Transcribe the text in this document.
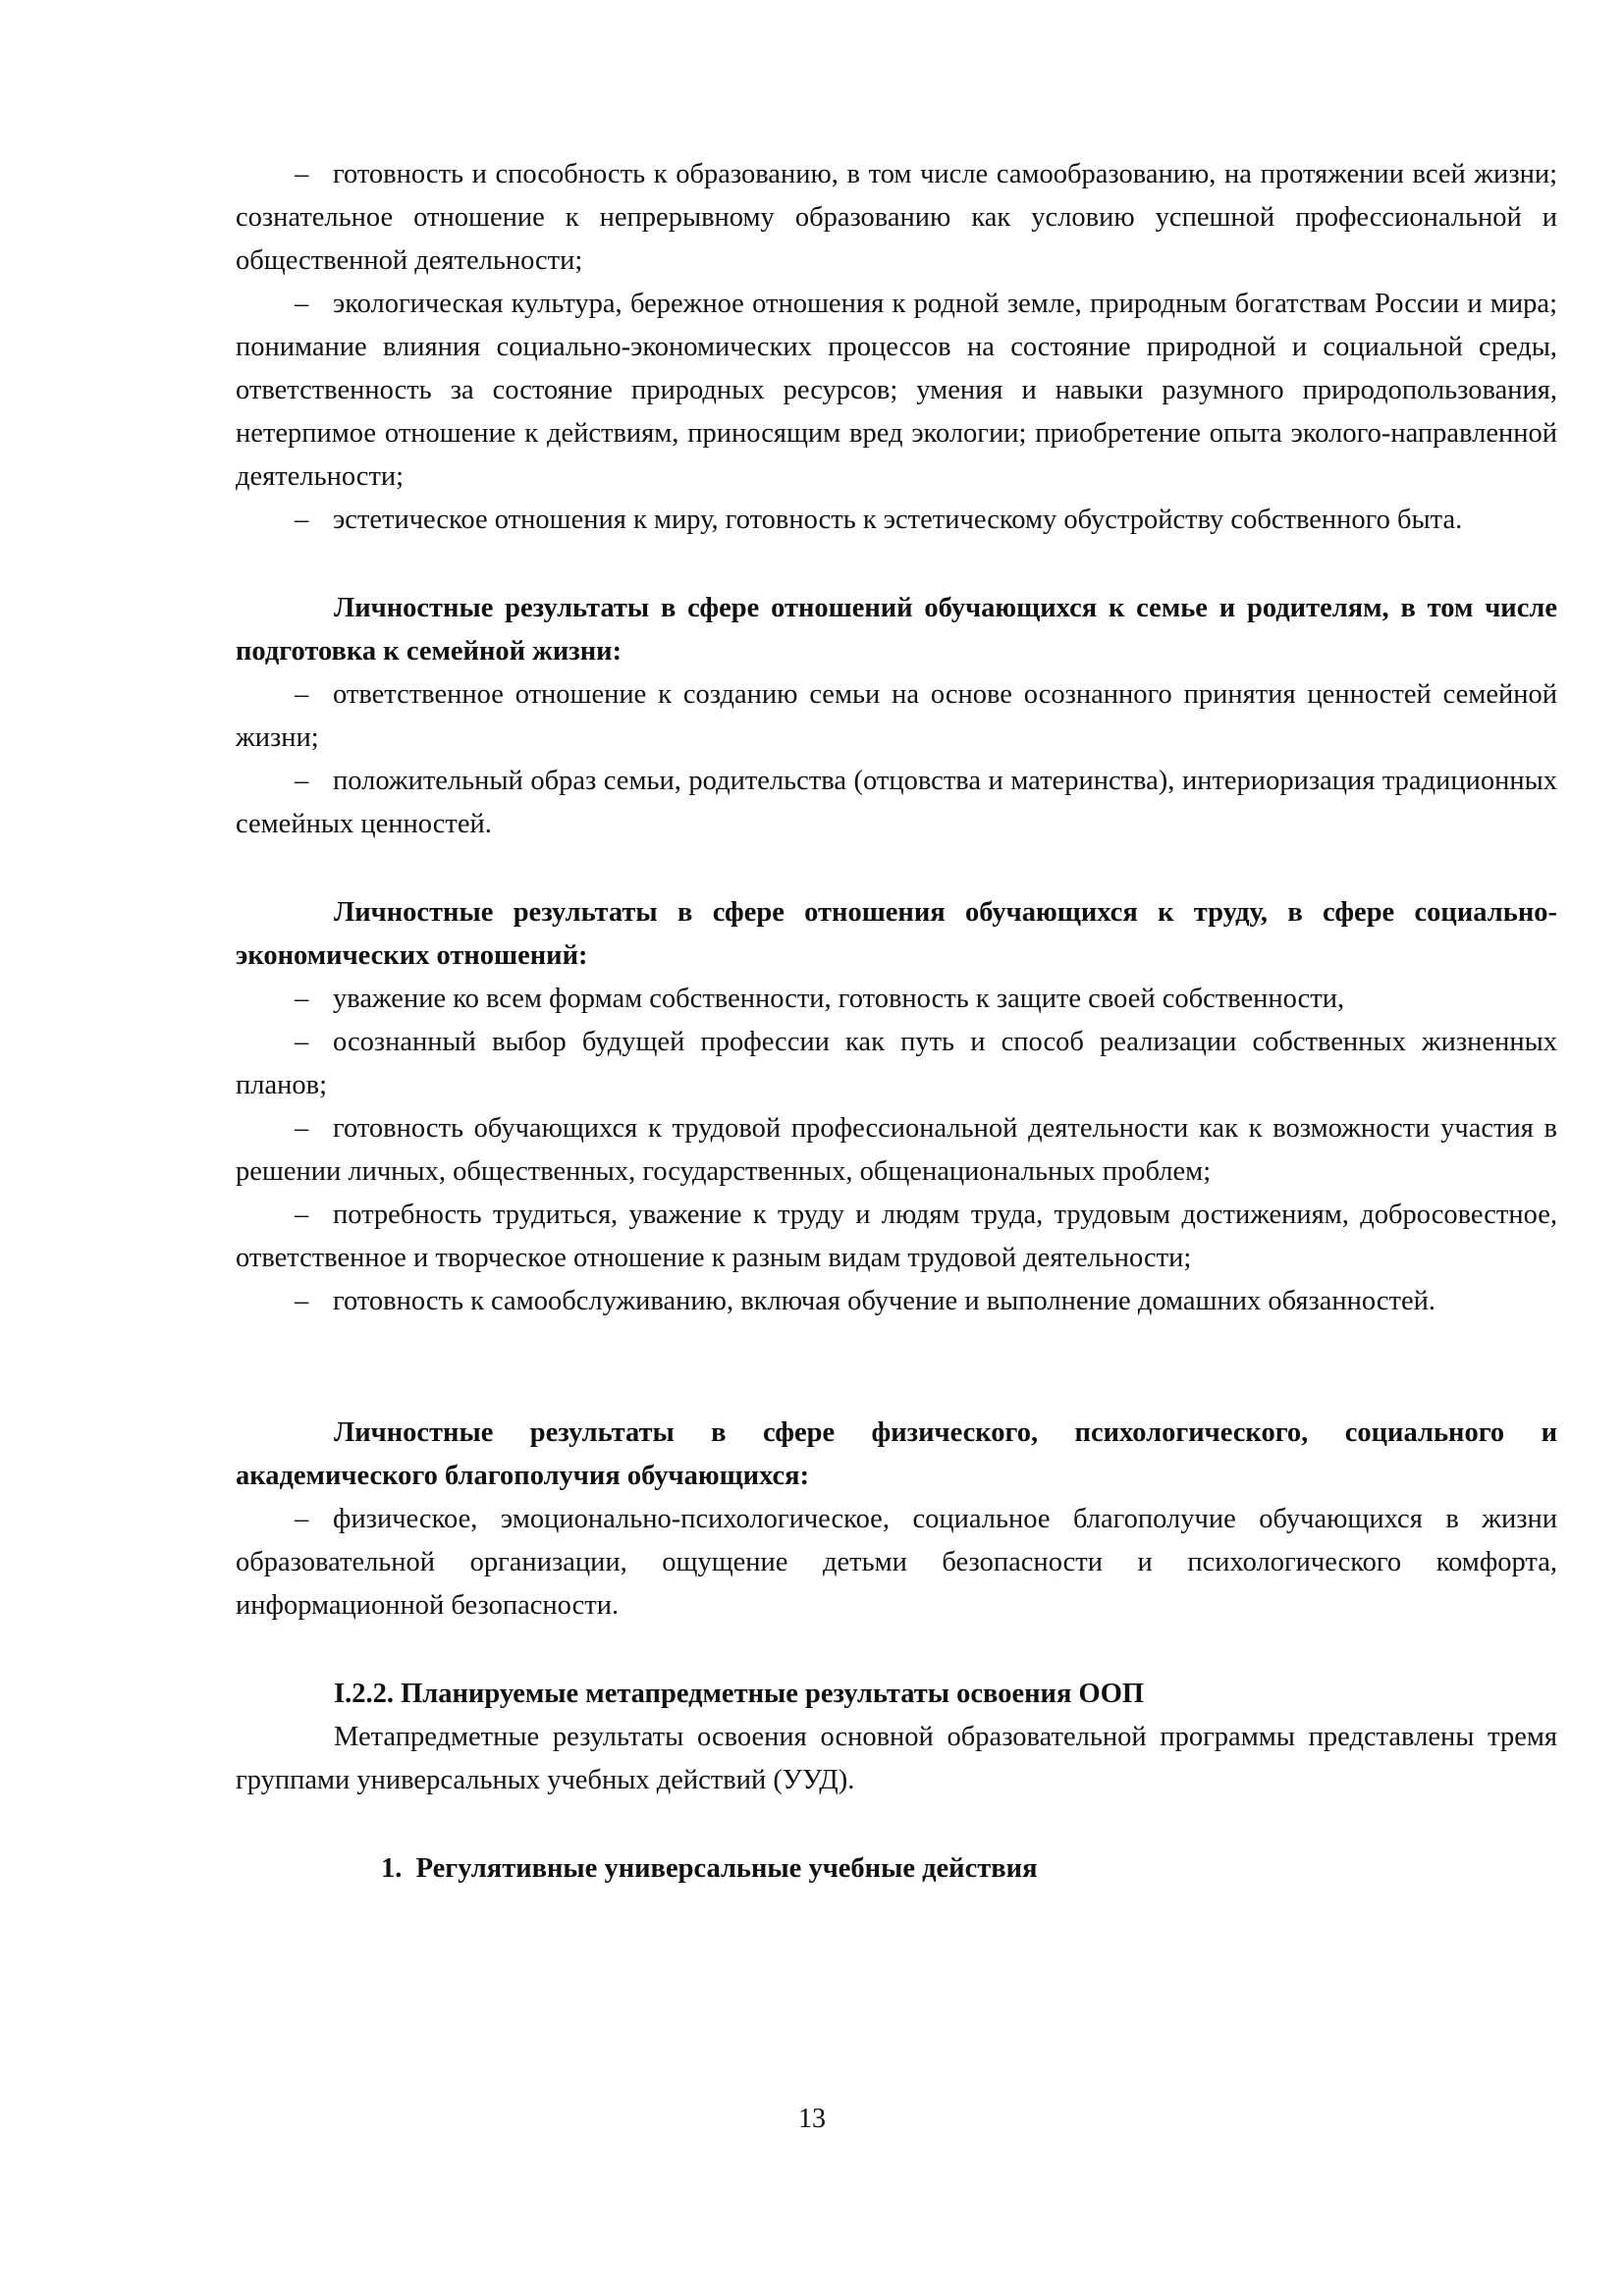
– готовность и способность к образованию, в том числе самообразованию, на протяжении всей жизни; сознательное отношение к непрерывному образованию как условию успешной профессиональной и общественной деятельности;

– экологическая культура, бережное отношения к родной земле, природным богатствам России и мира; понимание влияния социально-экономических процессов на состояние природной и социальной среды, ответственность за состояние природных ресурсов; умения и навыки разумного природопользования, нетерпимое отношение к действиям, приносящим вред экологии; приобретение опыта эколого-направленной деятельности;

– эстетическое отношения к миру, готовность к эстетическому обустройству собственного быта.

Личностные результаты в сфере отношений обучающихся к семье и родителям, в том числе подготовка к семейной жизни:

– ответственное отношение к созданию семьи на основе осознанного принятия ценностей семейной жизни;

– положительный образ семьи, родительства (отцовства и материнства), интериоризация традиционных семейных ценностей.

Личностные результаты в сфере отношения обучающихся к труду, в сфере социально-экономических отношений:

– уважение ко всем формам собственности, готовность к защите своей собственности,

– осознанный выбор будущей профессии как путь и способ реализации собственных жизненных планов;

– готовность обучающихся к трудовой профессиональной деятельности как к возможности участия в решении личных, общественных, государственных, общенациональных проблем;

– потребность трудиться, уважение к труду и людям труда, трудовым достижениям, добросовестное, ответственное и творческое отношение к разным видам трудовой деятельности;

– готовность к самообслуживанию, включая обучение и выполнение домашних обязанностей.

Личностные результаты в сфере физического, психологического, социального и академического благополучия обучающихся:

– физическое, эмоционально-психологическое, социальное благополучие обучающихся в жизни образовательной организации, ощущение детьми безопасности и психологического комфорта, информационной безопасности.

I.2.2. Планируемые метапредметные результаты освоения ООП

Метапредметные результаты освоения основной образовательной программы представлены тремя группами универсальных учебных действий (УУД).

1. Регулятивные универсальные учебные действия

13
